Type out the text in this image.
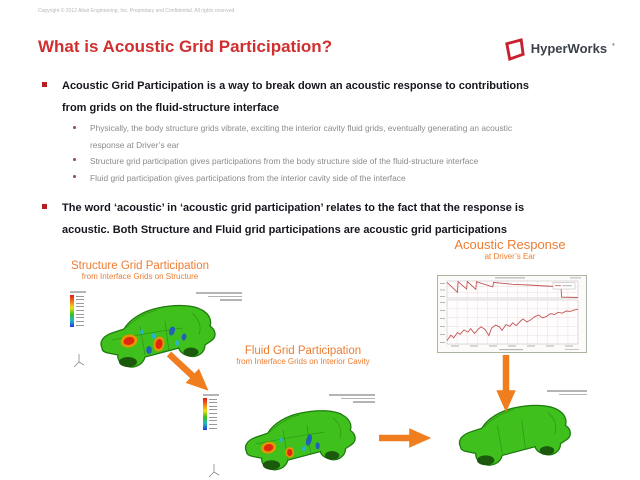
Copyright © 2012 Altair Engineering, Inc. Proprietary and Confidential. All rights reserved.
What is Acoustic Grid Participation?	HyperWorks ®
Acoustic Grid Participation is a way to break down an acoustic response to contributions
from grids on the fluid-structure interface
Physically, the body structure grids vibrate, exciting the interior cavity fluid grids, eventually generating an acoustic
response at Driver’s ear
Structure grid participation gives participations from the body structure side of the fluid-structure interface
Fluid grid participation gives participations from the interior cavity side of the interface
The word ‘acoustic’ in ‘acoustic grid participation’ relates to the fact that the response is
acoustic. Both Structure and Fluid grid participations are acoustic grid participations
Structure Grid Participation
from Interface Grids on Structure
Fluid Grid Participation
from Interface Grids on Interior Cavity
Acoustic Response
at Driver’s Ear
